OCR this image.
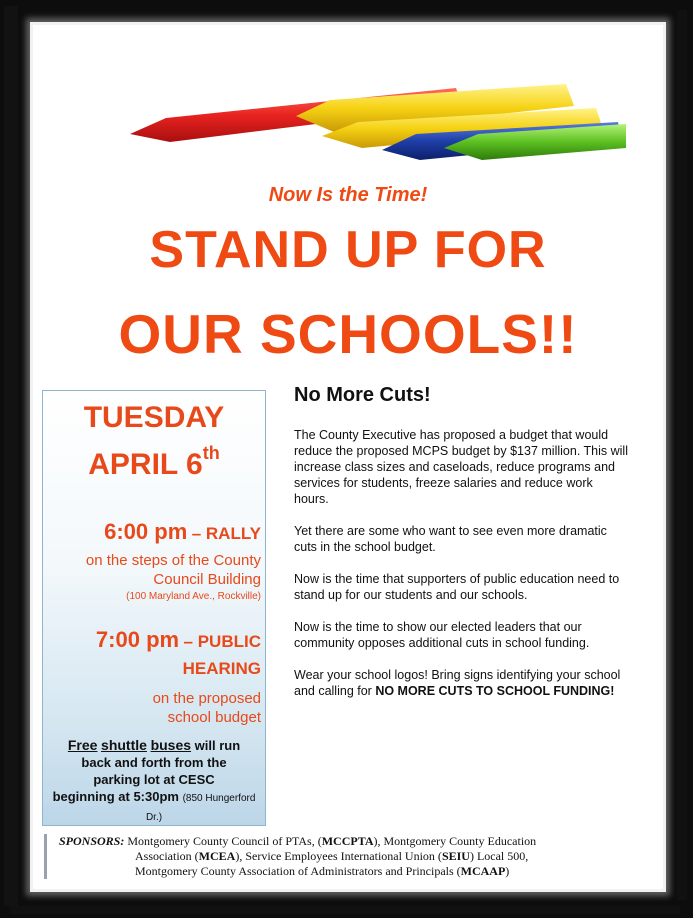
Now Is the Time!
STAND UP FOR
OUR SCHOOLS!!
TUESDAY
APRIL 6th
6:00 pm – RALLY
on the steps of the County
Council Building
(100 Maryland Ave., Rockville)
7:00 pm – PUBLIC
HEARING
on the proposed
school budget
Free shuttle buses will run
back and forth from the
parking lot at CESC
beginning at 5:30pm (850 Hungerford Dr.)
No More Cuts!

The County Executive has proposed a budget that would reduce the proposed MCPS budget by $137 million. This will increase class sizes and caseloads, reduce programs and services for students, freeze salaries and reduce work hours.

Yet there are some who want to see even more dramatic cuts in the school budget.

Now is the time that supporters of public education need to stand up for our students and our schools.

Now is the time to show our elected leaders that our community opposes additional cuts in school funding.

Wear your school logos! Bring signs identifying your school and calling for NO MORE CUTS TO SCHOOL FUNDING!

SPONSORS: Montgomery County Council of PTAs, (MCCPTA), Montgomery County Education
Association (MCEA), Service Employees International Union (SEIU) Local 500,
Montgomery County Association of Administrators and Principals (MCAAP)
